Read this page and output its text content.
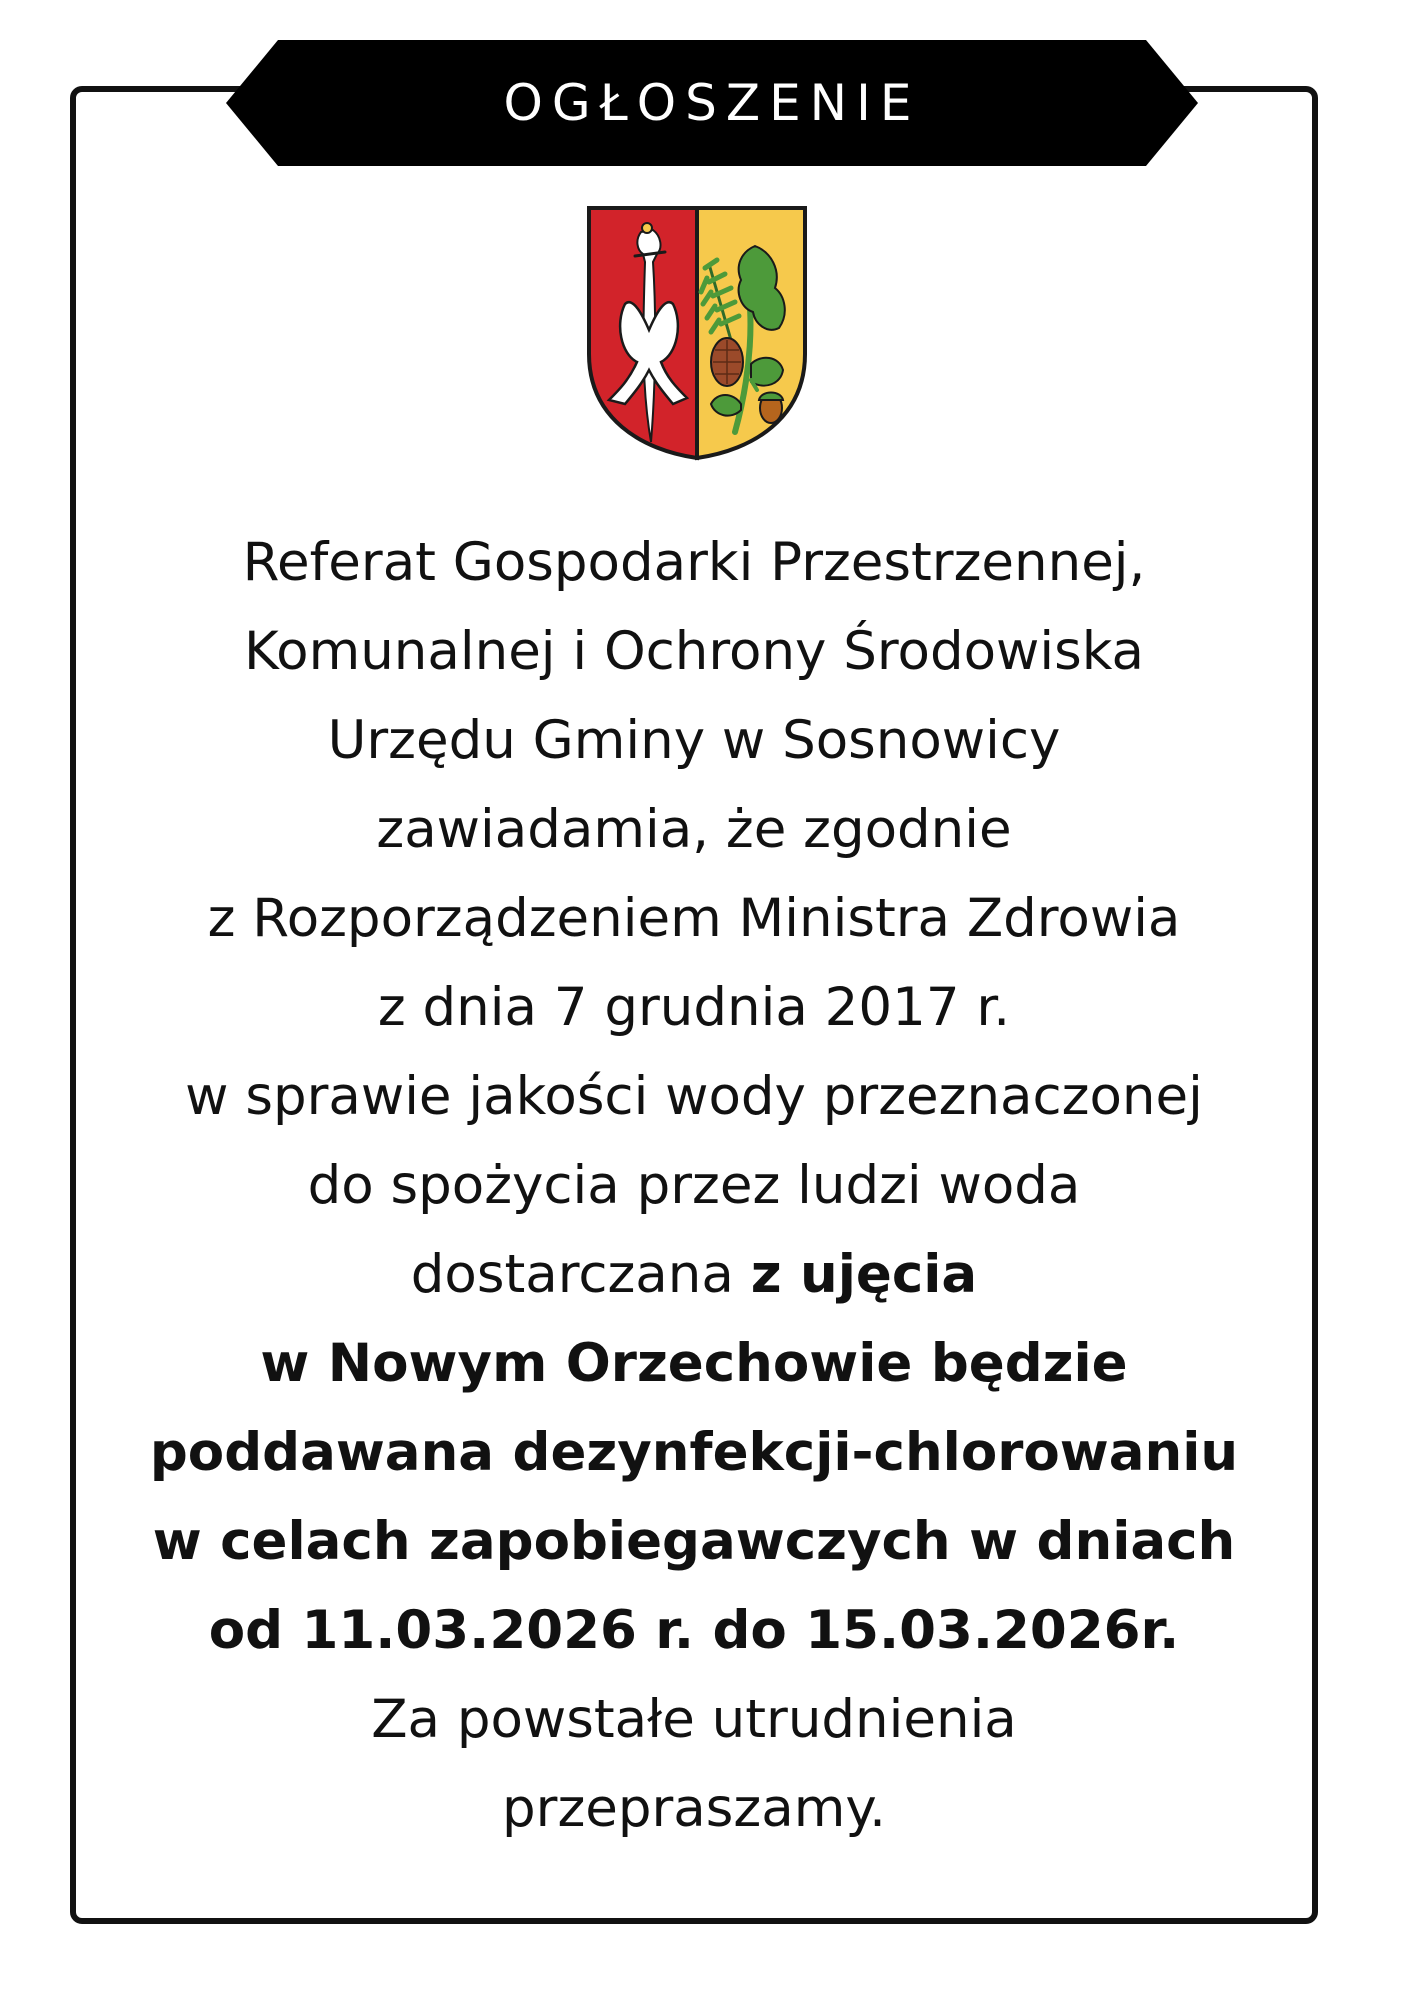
OGŁOSZENIE
Referat Gospodarki Przestrzennej,
Komunalnej i Ochrony Środowiska
Urzędu Gminy w Sosnowicy
zawiadamia, że zgodnie
z Rozporządzeniem Ministra Zdrowia
z dnia 7 grudnia 2017 r.
w sprawie jakości wody przeznaczonej
do spożycia przez ludzi woda
dostarczana z ujęcia
w Nowym Orzechowie będzie
poddawana dezynfekcji-chlorowaniu
w celach zapobiegawczych w dniach
od 11.03.2026 r. do 15.03.2026r.
Za powstałe utrudnienia
przepraszamy.
